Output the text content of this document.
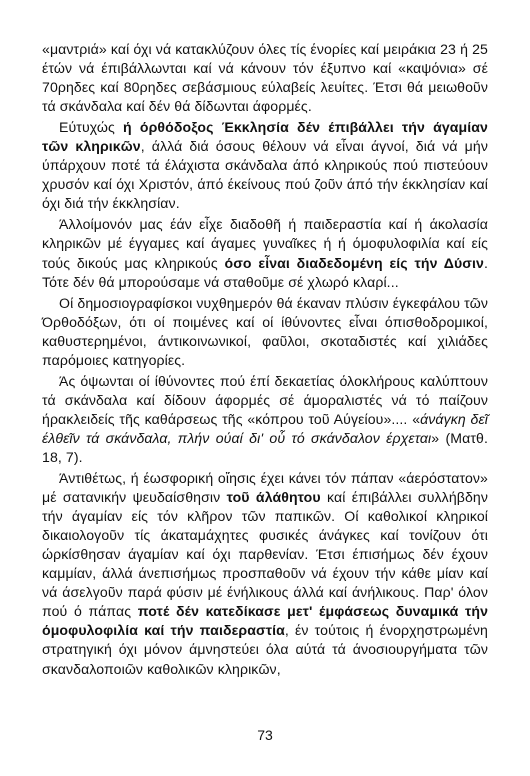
«μαντριά» καί όχι νά κατακλύζουν όλες τίς ένορίες καί μειράκια 23 ή 25 έτών νά έπιβάλλωνται καί νά κάνουν τόν έξυπνο καί «καψόνια» σέ 70ρηδες καί 80ρηδες σεβάσμιους εύλαβείς λευίτες. Έτσι θά μειωθοῦν τά σκάνδαλα καί δέν θά δίδωνται άφορμές.

Εύτυχώς ή όρθόδοξος Έκκλησία δέν έπιβάλλει τήν άγαμίαν τῶν κληρικῶν, άλλά διά όσους θέλουν νά εἶναι άγνοί, διά νά μήν ύπάρχουν ποτέ τά έλάχιστα σκάνδαλα άπό κληρικούς πού πιστεύουν χρυσόν καί όχι Χριστόν, άπό έκείνους πού ζοῦν άπό τήν έκκλησίαν καί όχι διά τήν έκκλησίαν.

Άλλοίμονόν μας έάν εἶχε διαδοθῆ ή παιδεραστία καί ή άκολασία κληρικῶν μέ έγγαμες καί άγαμες γυναῖκες ή ή όμοφυλοφιλία καί είς τούς δικούς μας κληρικούς όσο εἶναι διαδεδομένη είς τήν Δύσιν. Τότε δέν θά μπορούσαμε νά σταθοῦμε σέ χλωρό κλαρί...

Οί δημοσιογραφίσκοι νυχθημερόν θά έκαναν πλύσιν έγκεφάλου τῶν Όρθοδόξων, ότι οί ποιμένες καί οί ίθύνοντες εἶναι όπισθοδρομικοί, καθυστερημένοι, άντικοινωνικοί, φαῦλοι, σκοταδιστές καί χιλιάδες παρόμοιες κατηγορίες.

Άς όψωνται οί ίθύνοντες πού έπί δεκαετίας όλοκλήρους καλύπτουν τά σκάνδαλα καί δίδουν άφορμές σέ άμοραλιστές νά τό παίζουν ήρακλειδείς τῆς καθάρσεως τῆς «κόπρου τοῦ Αύγείου».... «άνάγκη δεῖ έλθεῖν τά σκάνδαλα, πλήν ούαί δι' οὗ τό σκάνδαλον έρχεται» (Ματθ. 18, 7).

Άντιθέτως, ή έωσφορική οἴησις έχει κάνει τόν πάπαν «άερόστατον» μέ σατανικήν ψευδαίσθησιν τοῦ άλάθητου καί έπιβάλλει συλλήβδην τήν άγαμίαν είς τόν κλῆρον τῶν παπικῶν. Οί καθολικοί κληρικοί δικαιολογοῦν τίς άκαταμάχητες φυσικές άνάγκες καί τονίζουν ότι ώρκίσθησαν άγαμίαν καί όχι παρθενίαν. Έτσι έπισήμως δέν έχουν καμμίαν, άλλά άνεπισήμως προσπαθοῦν νά έχουν τήν κάθε μίαν καί νά άσελγοῦν παρά φύσιν μέ ένήλικους άλλά καί άνήλικους. Παρ' όλον πού ό πάπας ποτέ δέν κατεδίκασε μετ' έμφάσεως δυναμικά τήν όμοφυλοφιλία καί τήν παιδεραστία, έν τούτοις ή ένορχηστρωμένη στρατηγική όχι μόνον άμνηστεύει όλα αύτά τά άνοσιουργήματα τῶν σκανδαλοποιῶν καθολικῶν κληρικῶν,

73
